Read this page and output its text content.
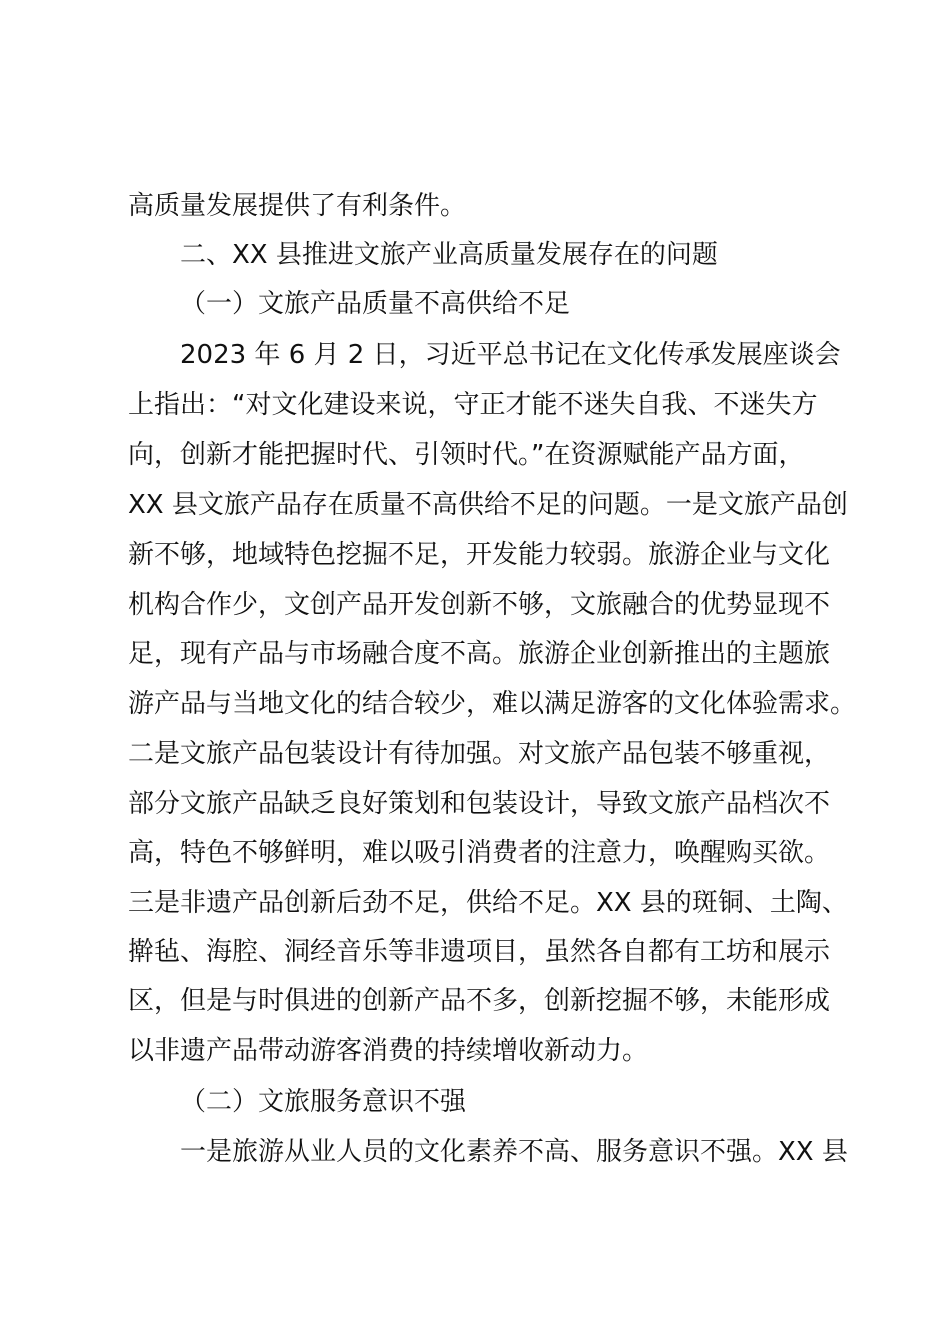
高质量发展提供了有利条件。
二、XX 县推进文旅产业高质量发展存在的问题
（一）文旅产品质量不高供给不足
2023 年 6 月 2 日，习近平总书记在文化传承发展座谈会
上指出：“对文化建设来说，守正才能不迷失自我、不迷失方
向，创新才能把握时代、引领时代。”在资源赋能产品方面，
XX 县文旅产品存在质量不高供给不足的问题。一是文旅产品创
新不够，地域特色挖掘不足，开发能力较弱。旅游企业与文化
机构合作少，文创产品开发创新不够，文旅融合的优势显现不
足，现有产品与市场融合度不高。旅游企业创新推出的主题旅
游产品与当地文化的结合较少，难以满足游客的文化体验需求。
二是文旅产品包装设计有待加强。对文旅产品包装不够重视，
部分文旅产品缺乏良好策划和包装设计，导致文旅产品档次不
高，特色不够鲜明，难以吸引消费者的注意力，唤醒购买欲。
三是非遗产品创新后劲不足，供给不足。XX 县的斑铜、土陶、
擀毡、海腔、洞经音乐等非遗项目，虽然各自都有工坊和展示
区，但是与时俱进的创新产品不多，创新挖掘不够，未能形成
以非遗产品带动游客消费的持续增收新动力。
（二）文旅服务意识不强
一是旅游从业人员的文化素养不高、服务意识不强。XX 县
